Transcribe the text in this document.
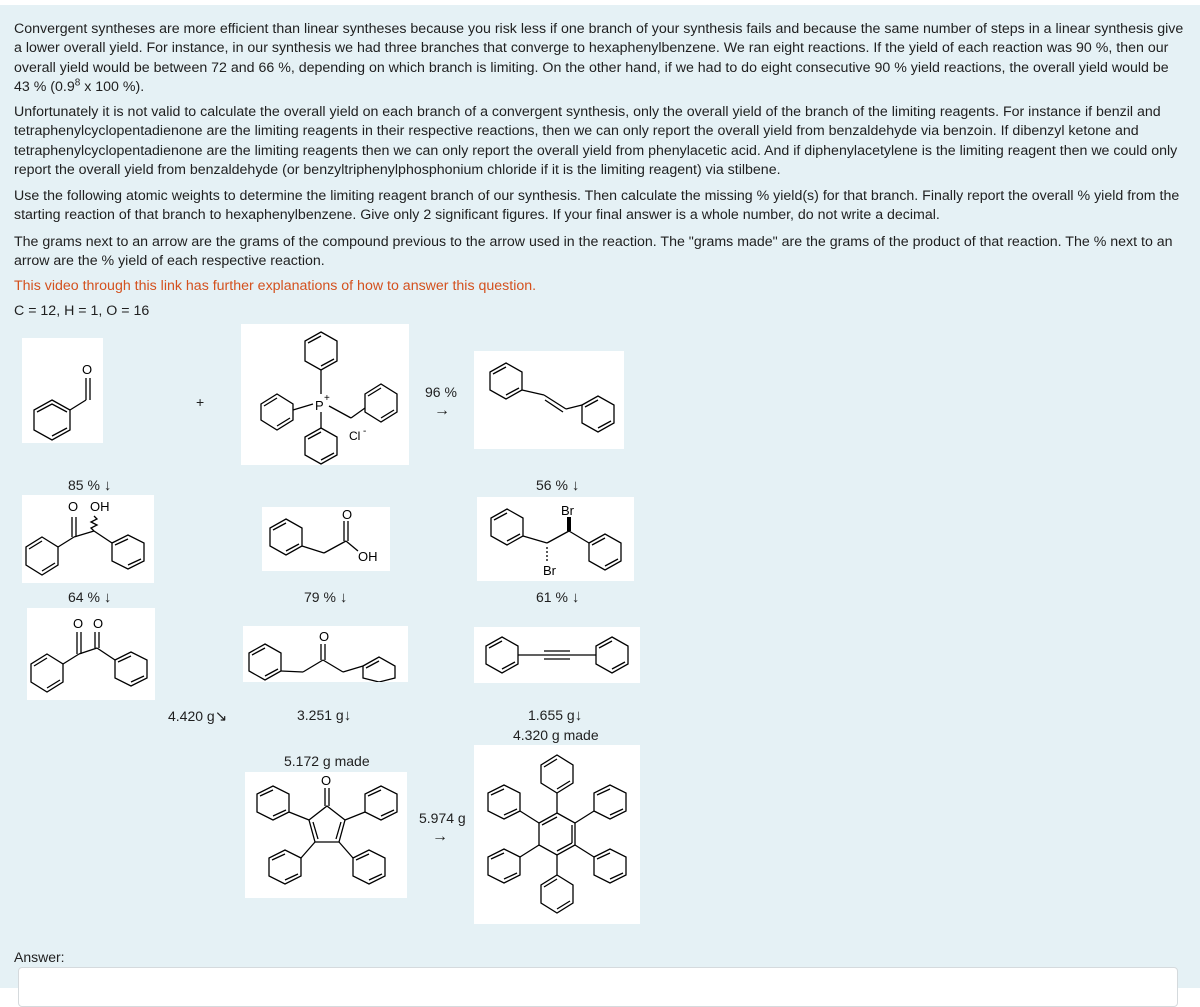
Convergent syntheses are more efficient than linear syntheses because you risk less if one branch of your synthesis fails and because the same number of steps in a linear synthesis give a lower overall yield. For instance, in our synthesis we had three branches that converge to hexaphenylbenzene. We ran eight reactions. If the yield of each reaction was 90 %, then our overall yield would be between 72 and 66 %, depending on which branch is limiting. On the other hand, if we had to do eight consecutive 90 % yield reactions, the overall yield would be 43 % ($0.9^8$ x 100 %).

Unfortunately it is not valid to calculate the overall yield on each branch of a convergent synthesis, only the overall yield of the branch of the limiting reagents. For instance if benzil and tetraphenylcyclopentadienone are the limiting reagents in their respective reactions, then we can only report the overall yield from benzaldehyde via benzoin. If dibenzyl ketone and tetraphenylcyclopentadienone are the limiting reagents then we can only report the overall yield from phenylacetic acid. And if diphenylacetylene is the limiting reagent then we could only report the overall yield from benzaldehyde (or benzyltriphenylphosphonium chloride if it is the limiting reagent) via stilbene.

Use the following atomic weights to determine the limiting reagent branch of our synthesis. Then calculate the missing % yield(s) for that branch. Finally report the overall % yield from the starting reaction of that branch to hexaphenylbenzene. Give only 2 significant figures. If your final answer is a whole number, do not write a decimal.

The grams next to an arrow are the grams of the compound previous to the arrow used in the reaction. The "grams made" are the grams of the product of that reaction. The % next to an arrow are the % yield of each respective reaction.

This video through this link has further explanations of how to answer this question.

C = 12, H = 1, O = 16

O
+	P +
Cl -
96 %
→
85 % ↓	56 % ↓
O OH
O
OH
Br
Br
64 % ↓	79 % ↓	61 % ↓
O O
O
4.420 g↘	3.251 g↓	1.655 g↓
4.320 g made
5.172 g made
O
5.974 g
→
Answer:
